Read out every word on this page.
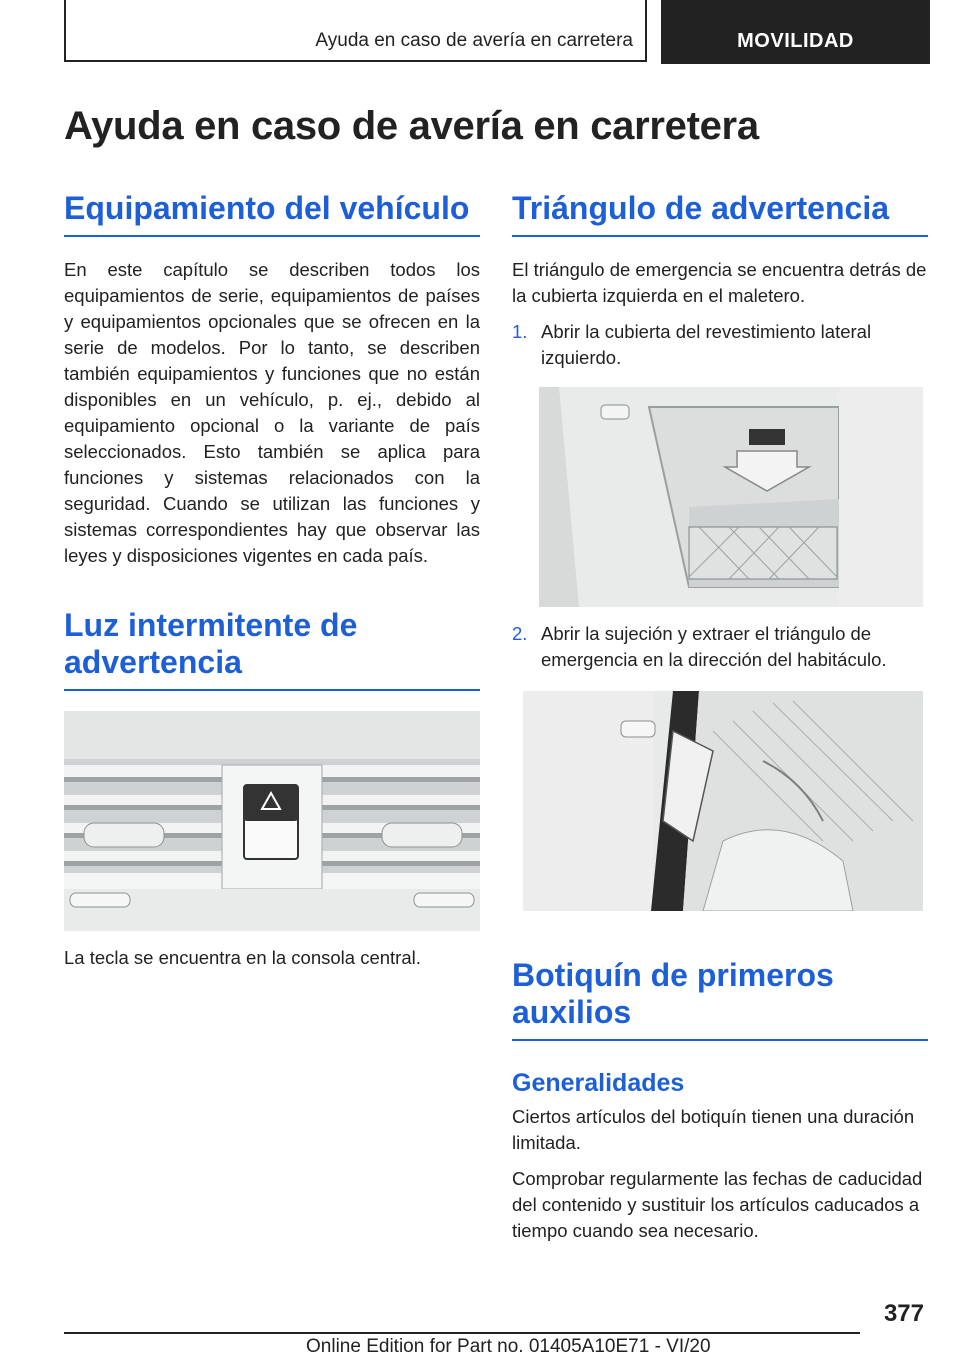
Ayuda en caso de avería en carretera	MOVILIDAD
Ayuda en caso de avería en carretera
Equipamiento del vehículo

En este capítulo se describen todos los equipamientos de serie, equipamientos de países y equipamientos opcionales que se ofrecen en la serie de modelos. Por lo tanto, se describen también equipamientos y funciones que no están disponibles en un vehículo, p. ej., debido al equipamiento opcional o la variante de país seleccionados. Esto también se aplica para funciones y sistemas relacionados con la seguridad. Cuando se utilizan las funciones y sistemas correspondientes hay que observar las leyes y disposiciones vigentes en cada país.

Luz intermitente de advertencia

La tecla se encuentra en la consola central.

Triángulo de advertencia

El triángulo de emergencia se encuentra detrás de la cubierta izquierda en el maletero.

1. Abrir la cubierta del revestimiento lateral izquierdo.
2. Abrir la sujeción y extraer el triángulo de emergencia en la dirección del habitáculo.
Botiquín de primeros auxilios
Generalidades

Ciertos artículos del botiquín tienen una duración limitada.

Comprobar regularmente las fechas de caducidad del contenido y sustituir los artículos caducados a tiempo cuando sea necesario.

377
Online Edition for Part no. 01405A10E71 - VI/20
